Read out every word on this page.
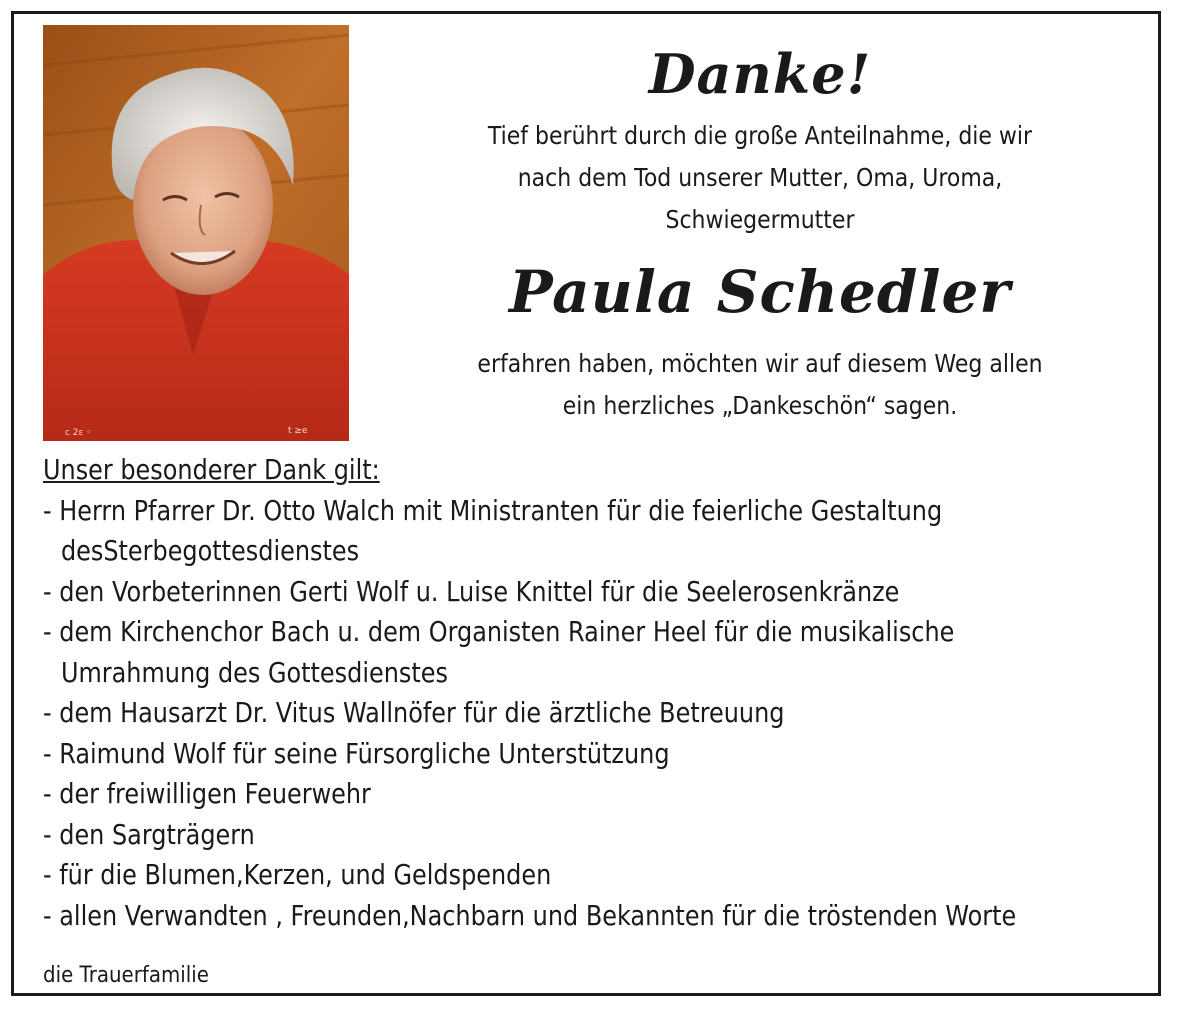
c 2ε ◦	t ≥e
Danke!
Tief berührt durch die große Anteilnahme, die wir
nach dem Tod unserer Mutter, Oma, Uroma,
Schwiegermutter
Paula Schedler
erfahren haben, möchten wir auf diesem Weg allen
ein herzliches „Dankeschön“ sagen.
Unser besonderer Dank gilt:
- Herrn Pfarrer Dr. Otto Walch mit Ministranten für die feierliche Gestaltung
desSterbegottesdienstes
- den Vorbeterinnen Gerti Wolf u. Luise Knittel für die Seelerosenkränze
- dem Kirchenchor Bach u. dem Organisten Rainer Heel für die musikalische
Umrahmung des Gottesdienstes
- dem Hausarzt Dr. Vitus Wallnöfer für die ärztliche Betreuung
- Raimund Wolf für seine Fürsorgliche Unterstützung
- der freiwilligen Feuerwehr
- den Sargträgern
- für die Blumen,Kerzen, und Geldspenden
- allen Verwandten , Freunden,Nachbarn und Bekannten für die tröstenden Worte
die Trauerfamilie
